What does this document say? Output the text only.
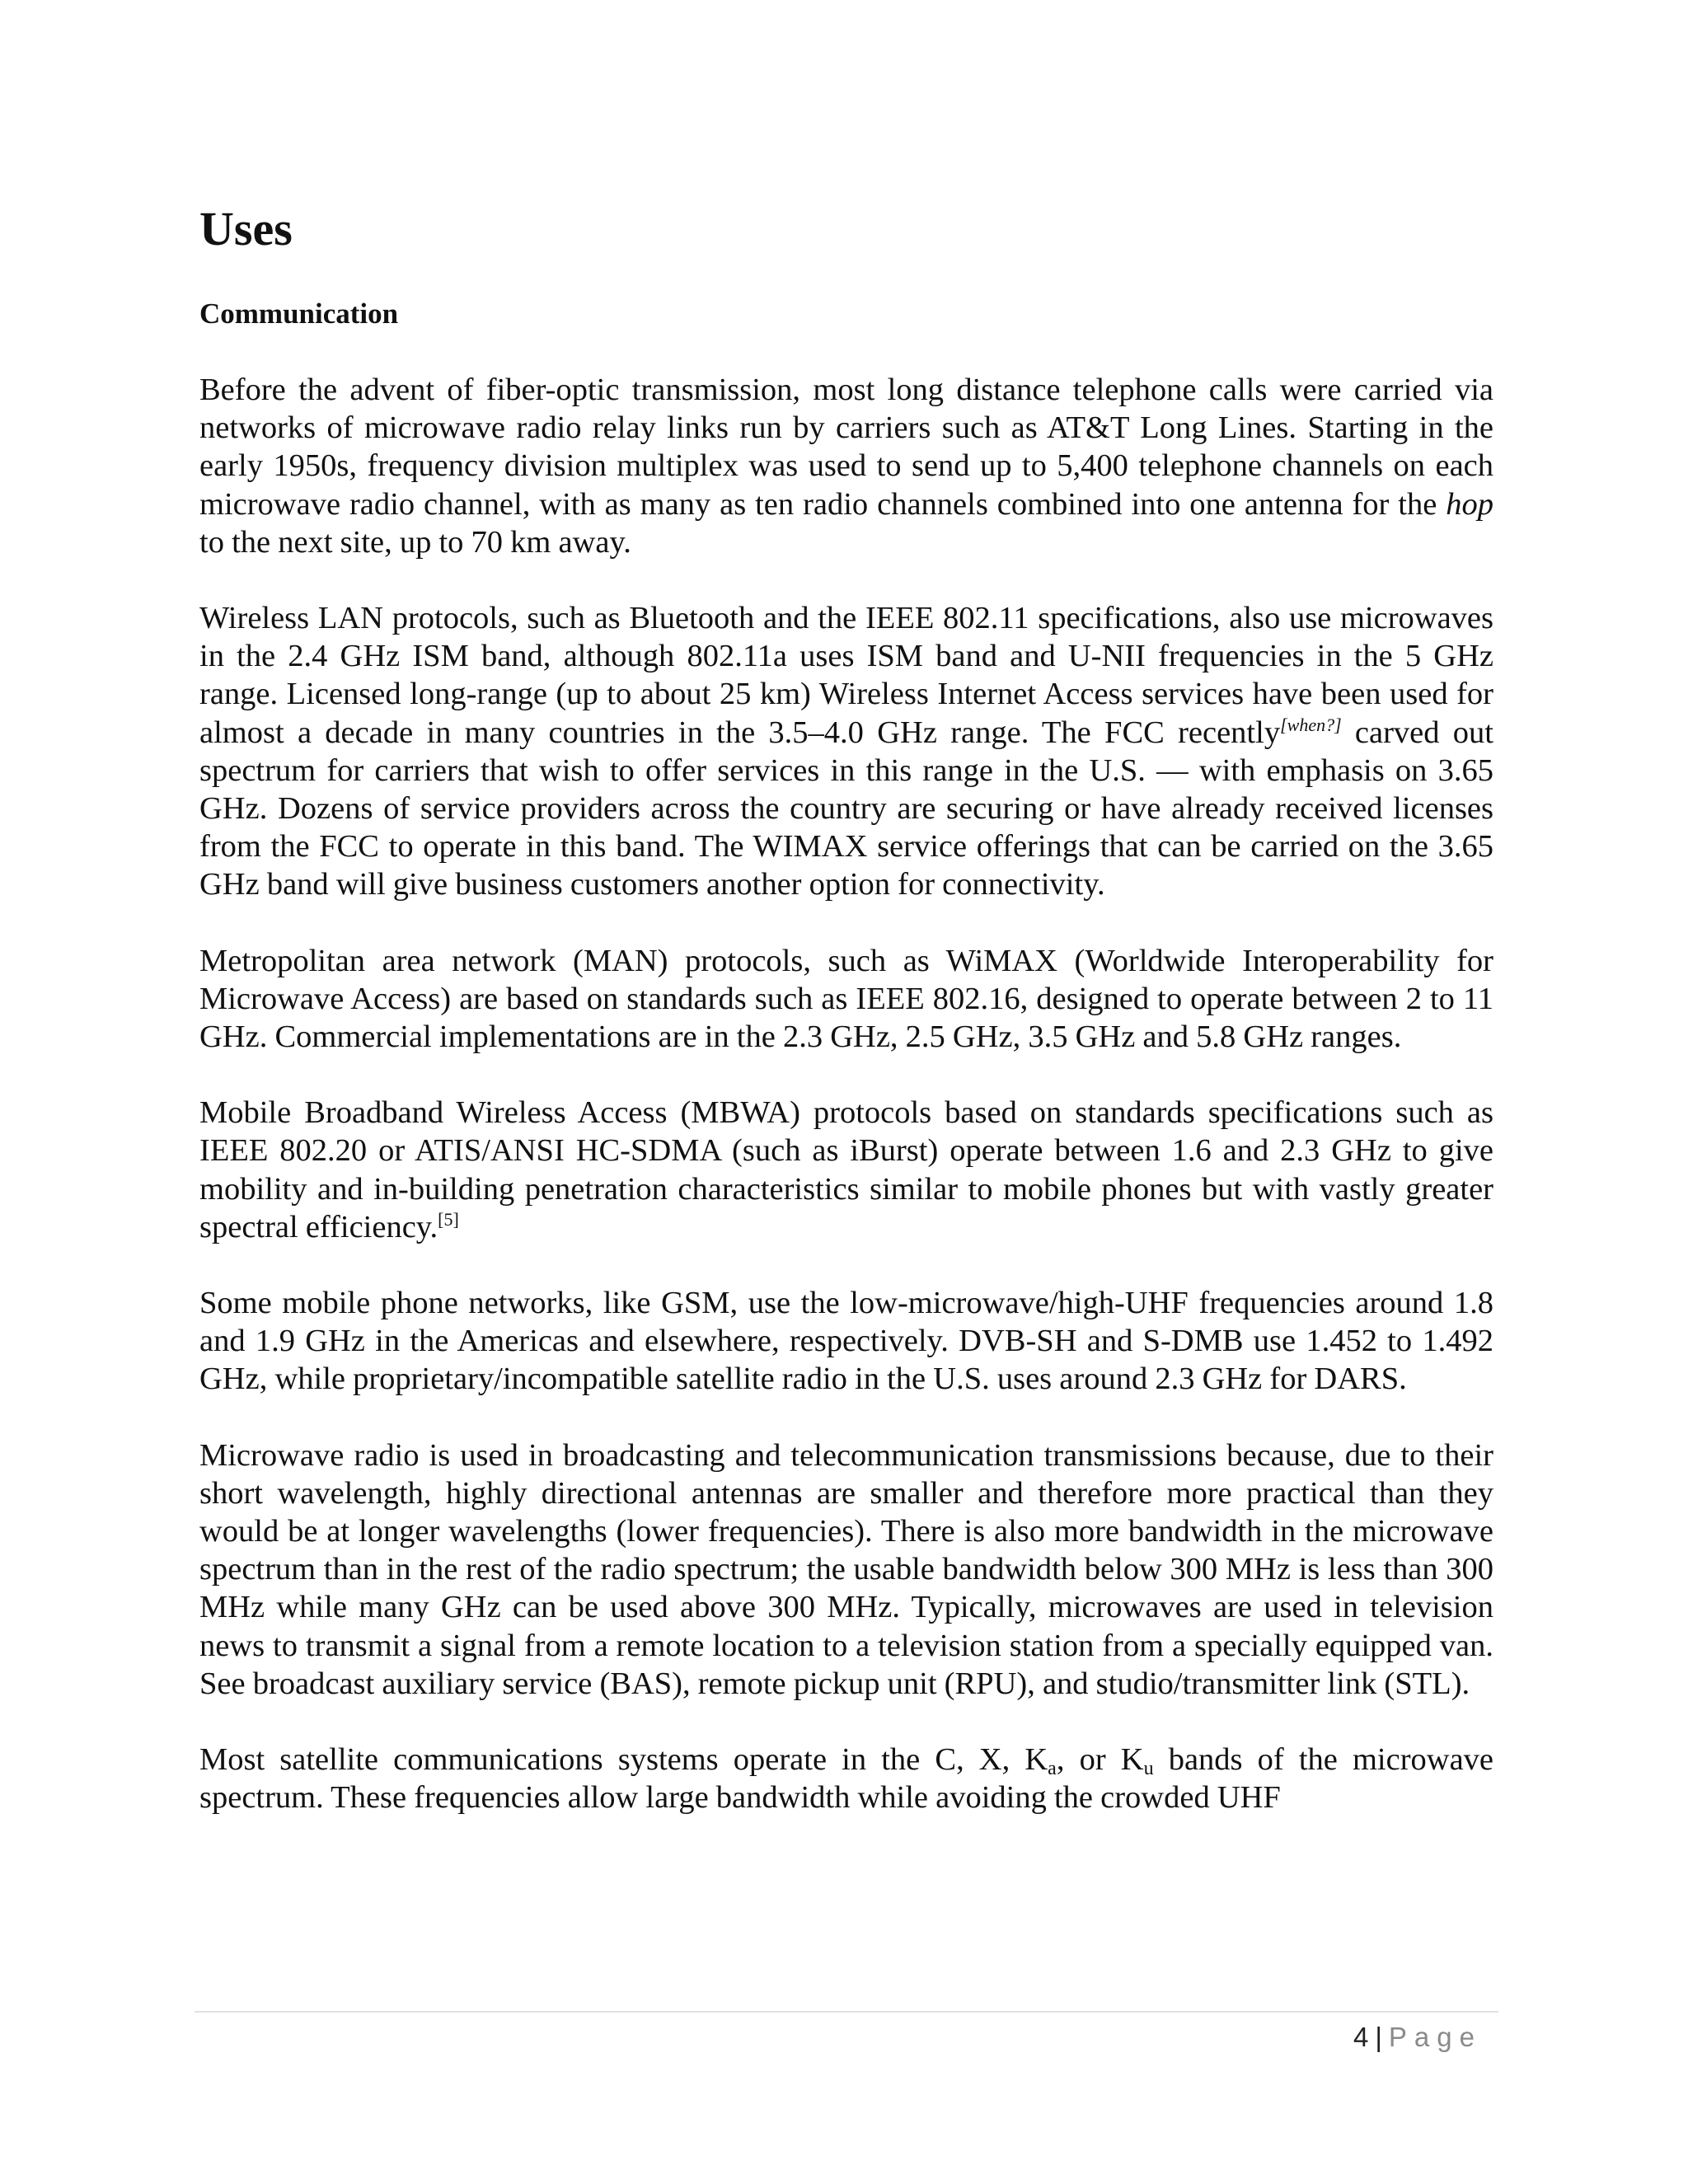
Uses
Communication

Before the advent of fiber-optic transmission, most long distance telephone calls were carried via networks of microwave radio relay links run by carriers such as AT&T Long Lines. Starting in the early 1950s, frequency division multiplex was used to send up to 5,400 telephone channels on each microwave radio channel, with as many as ten radio channels combined into one antenna for the hop to the next site, up to 70 km away.

Wireless LAN protocols, such as Bluetooth and the IEEE 802.11 specifications, also use microwaves in the 2.4 GHz ISM band, although 802.11a uses ISM band and U-NII frequencies in the 5 GHz range. Licensed long-range (up to about 25 km) Wireless Internet Access services have been used for almost a decade in many countries in the 3.5–4.0 GHz range. The FCC recently[when?] carved out spectrum for carriers that wish to offer services in this range in the U.S. — with emphasis on 3.65 GHz. Dozens of service providers across the country are securing or have already received licenses from the FCC to operate in this band. The WIMAX service offerings that can be carried on the 3.65 GHz band will give business customers another option for connectivity.

Metropolitan area network (MAN) protocols, such as WiMAX (Worldwide Interoperability for Microwave Access) are based on standards such as IEEE 802.16, designed to operate between 2 to 11 GHz. Commercial implementations are in the 2.3 GHz, 2.5 GHz, 3.5 GHz and 5.8 GHz ranges.

Mobile Broadband Wireless Access (MBWA) protocols based on standards specifications such as IEEE 802.20 or ATIS/ANSI HC-SDMA (such as iBurst) operate between 1.6 and 2.3 GHz to give mobility and in-building penetration characteristics similar to mobile phones but with vastly greater spectral efficiency.[5]

Some mobile phone networks, like GSM, use the low-microwave/high-UHF frequencies around 1.8 and 1.9 GHz in the Americas and elsewhere, respectively. DVB-SH and S-DMB use 1.452 to 1.492 GHz, while proprietary/incompatible satellite radio in the U.S. uses around 2.3 GHz for DARS.

Microwave radio is used in broadcasting and telecommunication transmissions because, due to their short wavelength, highly directional antennas are smaller and therefore more practical than they would be at longer wavelengths (lower frequencies). There is also more bandwidth in the microwave spectrum than in the rest of the radio spectrum; the usable bandwidth below 300 MHz is less than 300 MHz while many GHz can be used above 300 MHz. Typically, microwaves are used in television news to transmit a signal from a remote location to a television station from a specially equipped van. See broadcast auxiliary service (BAS), remote pickup unit (RPU), and studio/transmitter link (STL).

Most satellite communications systems operate in the C, X, $K_a$, or $K_u$ bands of the microwave spectrum. These frequencies allow large bandwidth while avoiding the crowded UHF

4 | Page
